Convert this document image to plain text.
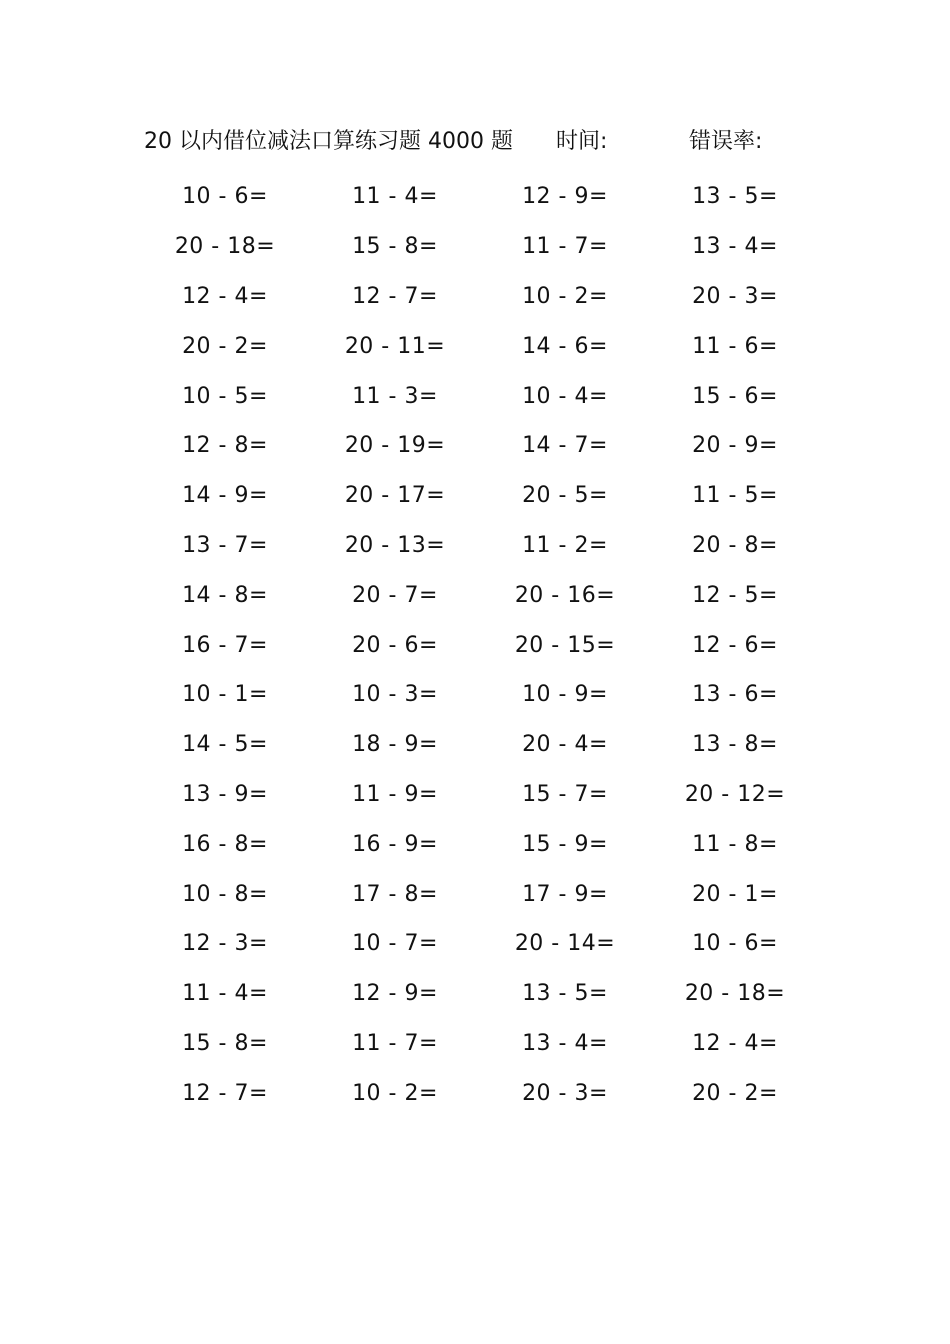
20 以内借位减法口算练习题 4000 题 时间:	错误率:
10 - 6=	11 - 4=	12 - 9=	13 - 5=
20 - 18=	15 - 8=	11 - 7=	13 - 4=
12 - 4=	12 - 7=	10 - 2=	20 - 3=
20 - 2=	20 - 11=	14 - 6=	11 - 6=
10 - 5=	11 - 3=	10 - 4=	15 - 6=
12 - 8=	20 - 19=	14 - 7=	20 - 9=
14 - 9=	20 - 17=	20 - 5=	11 - 5=
13 - 7=	20 - 13=	11 - 2=	20 - 8=
14 - 8=	20 - 7=	20 - 16=	12 - 5=
16 - 7=	20 - 6=	20 - 15=	12 - 6=
10 - 1=	10 - 3=	10 - 9=	13 - 6=
14 - 5=	18 - 9=	20 - 4=	13 - 8=
13 - 9=	11 - 9=	15 - 7=	20 - 12=
16 - 8=	16 - 9=	15 - 9=	11 - 8=
10 - 8=	17 - 8=	17 - 9=	20 - 1=
12 - 3=	10 - 7=	20 - 14=	10 - 6=
11 - 4=	12 - 9=	13 - 5=	20 - 18=
15 - 8=	11 - 7=	13 - 4=	12 - 4=
12 - 7=	10 - 2=	20 - 3=	20 - 2=
